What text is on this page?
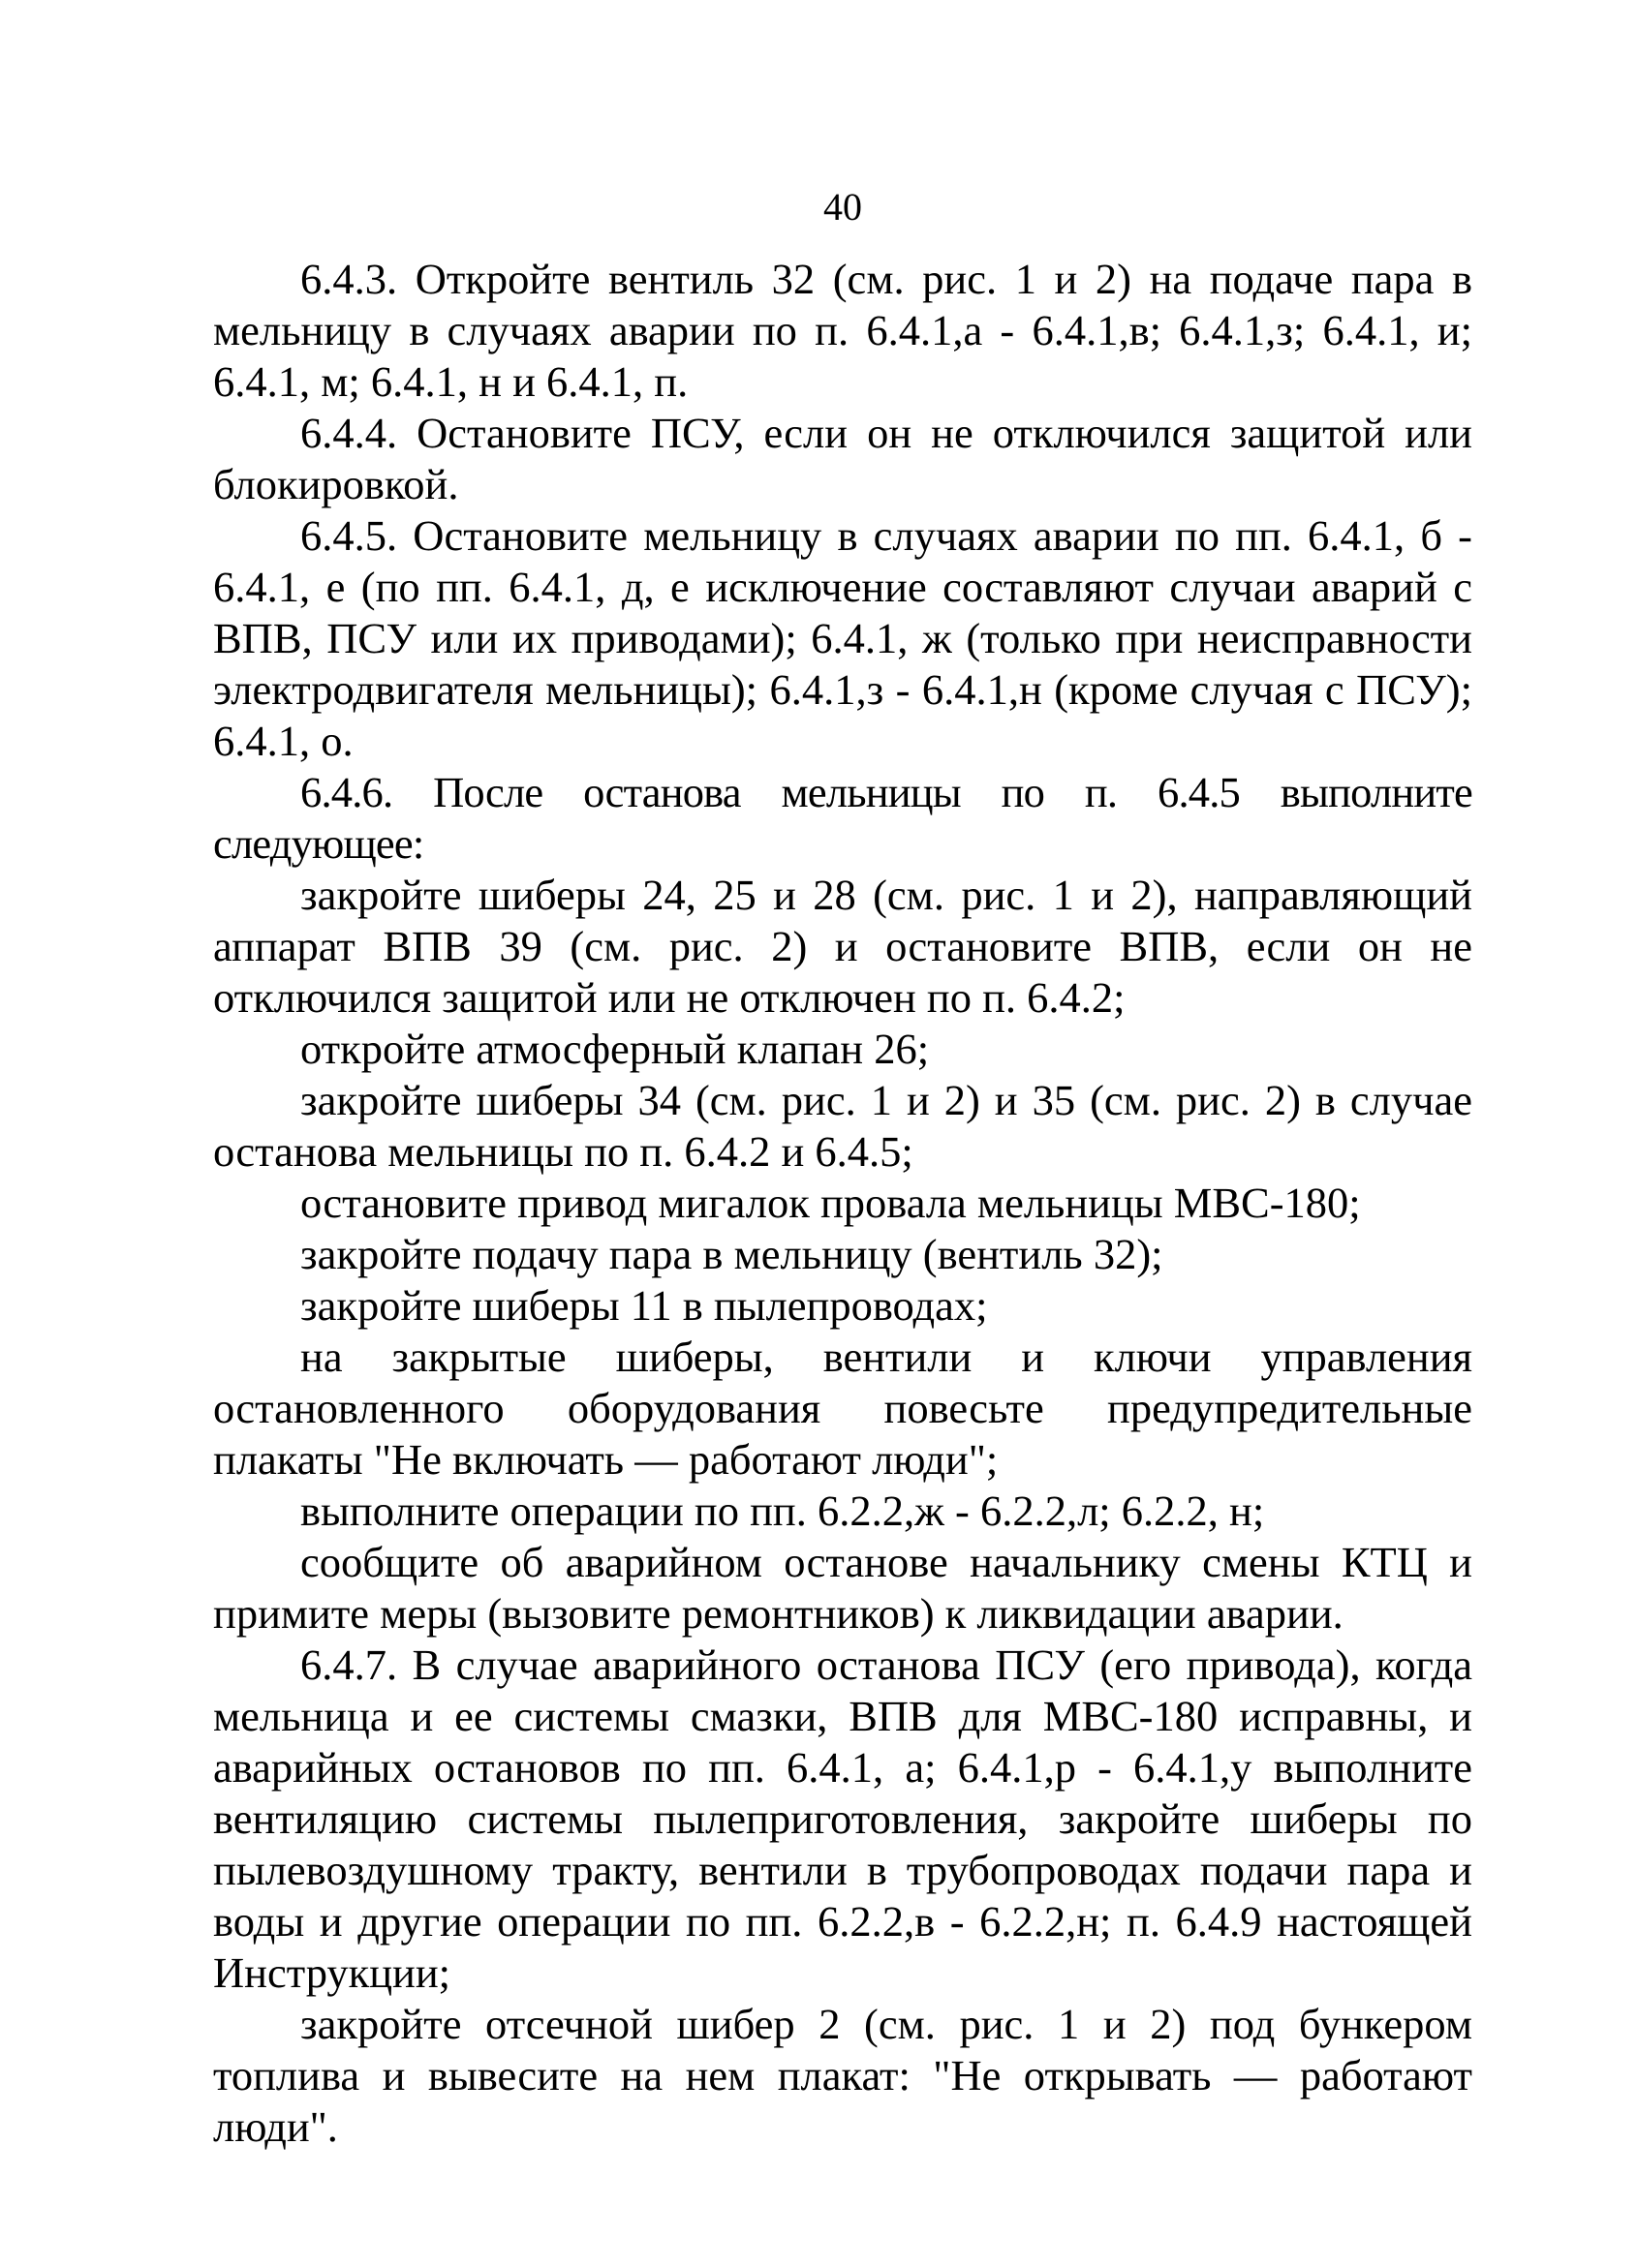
40

6.4.3. Откройте вентиль 32 (см. рис. 1 и 2) на подаче пара в мельницу в случаях аварии по п. 6.4.1,а - 6.4.1,в; 6.4.1,з; 6.4.1, и; 6.4.1, м; 6.4.1, н и 6.4.1, п.

6.4.4. Остановите ПСУ, если он не отключился защитой или блокировкой.

6.4.5. Остановите мельницу в случаях аварии по пп. 6.4.1, б - 6.4.1, е (по пп. 6.4.1, д, е исключение составляют случаи аварий с ВПВ, ПСУ или их приводами); 6.4.1, ж (только при неисправности электродвигателя мельницы); 6.4.1,з - 6.4.1,н (кроме случая с ПСУ); 6.4.1, о.

6.4.6. После останова мельницы по п. 6.4.5 выполните следующее:

закройте шиберы 24, 25 и 28 (см. рис. 1 и 2), направляющий аппарат ВПВ 39 (см. рис. 2) и остановите ВПВ, если он не отключился защитой или не отключен по п. 6.4.2;

откройте атмосферный клапан 26;

закройте шиберы 34 (см. рис. 1 и 2) и 35 (см. рис. 2) в случае останова мельницы по п. 6.4.2 и 6.4.5;

остановите привод мигалок провала мельницы МВС-180;

закройте подачу пара в мельницу (вентиль 32);

закройте шиберы 11 в пылепроводах;

на закрытые шиберы, вентили и ключи управления остановленного оборудования повесьте предупредительные плакаты "Не включать — работают люди";

выполните операции по пп. 6.2.2,ж - 6.2.2,л; 6.2.2, н;

сообщите об аварийном останове начальнику смены КТЦ и примите меры (вызовите ремонтников) к ликвидации аварии.

6.4.7. В случае аварийного останова ПСУ (его привода), когда мельница и ее системы смазки, ВПВ для МВС-180 исправны, и аварийных остановов по пп. 6.4.1, а; 6.4.1,р - 6.4.1,у выполните вентиляцию системы пылеприготовления, закройте шиберы по пылевоздушному тракту, вентили в трубопроводах подачи пара и воды и другие операции по пп. 6.2.2,в - 6.2.2,н; п. 6.4.9 настоящей Инструкции;

закройте отсечной шибер 2 (см. рис. 1 и 2) под бункером топлива и вывесите на нем плакат: "Не открывать — работают люди".
